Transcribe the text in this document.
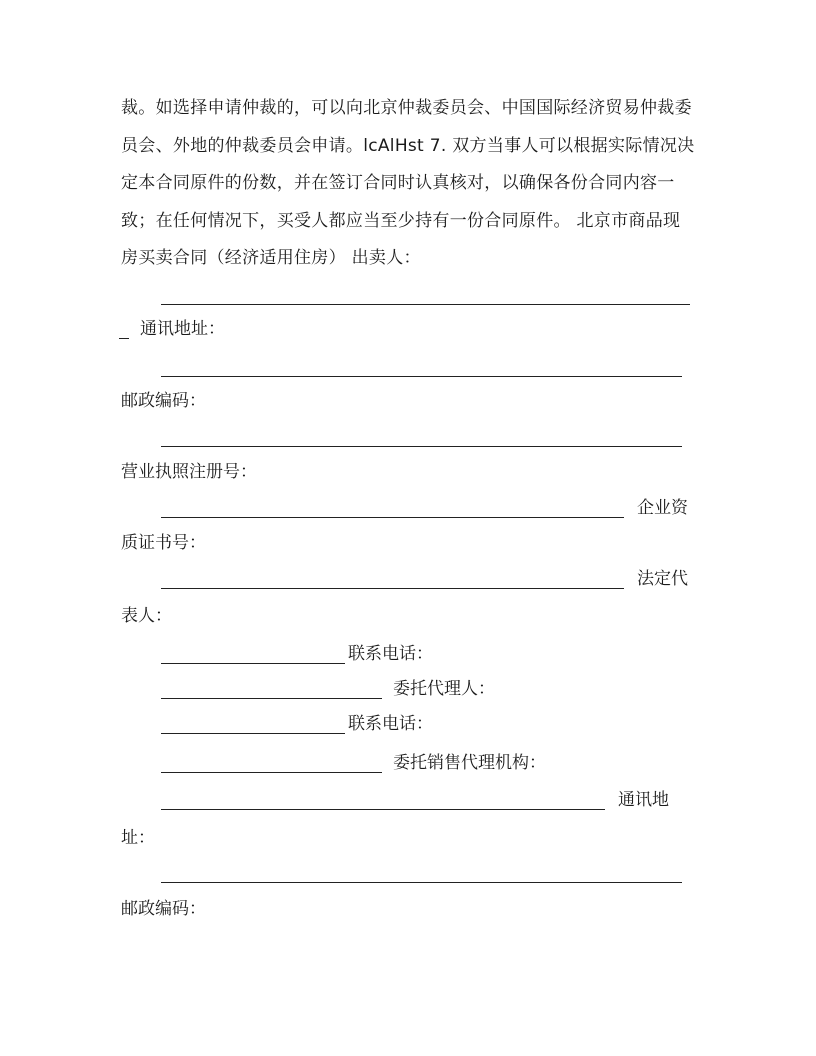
裁。如选择申请仲裁的，可以向北京仲裁委员会、中国国际经济贸易仲裁委员会、外地的仲裁委员会申请。lcAlHst 7. 双方当事人可以根据实际情况决定本合同原件的份数，并在签订合同时认真核对，以确保各份合同内容一致；在任何情况下，买受人都应当至少持有一份合同原件。 北京市商品现房买卖合同（经济适用住房） 出卖人：

通讯地址：
邮政编码：
营业执照注册号：
企业资
质证书号：
法定代
表人：
联系电话：
委托代理人：
联系电话：
委托销售代理机构：
通讯地
址：
邮政编码：
